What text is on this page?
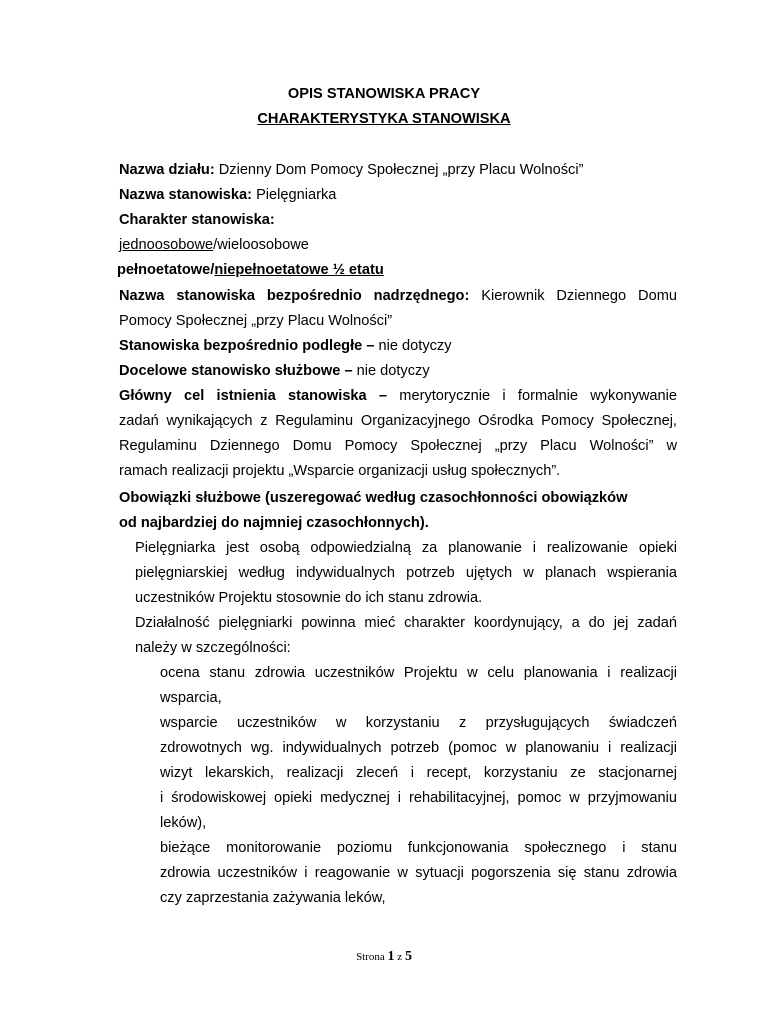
OPIS STANOWISKA PRACY
CHARAKTERYSTYKA STANOWISKA
Nazwa działu: Dzienny Dom Pomocy Społecznej „przy Placu Wolności”
Nazwa stanowiska: Pielęgniarka
Charakter stanowiska:
jednoosobowe/wieloosobowe
pełnoetatowe/niepełnoetatowe ½ etatu
Nazwa stanowiska bezpośrednio nadrzędnego: Kierownik Dziennego Domu
Pomocy Społecznej „przy Placu Wolności”
Stanowiska bezpośrednio podległe – nie dotyczy
Docelowe stanowisko służbowe – nie dotyczy
Główny cel istnienia stanowiska – merytorycznie i formalnie wykonywanie
zadań wynikających z Regulaminu Organizacyjnego Ośrodka Pomocy Społecznej,
Regulaminu Dziennego Domu Pomocy Społecznej „przy Placu Wolności” w
ramach realizacji projektu „Wsparcie organizacji usług społecznych”.
Obowiązki służbowe (uszeregować według czasochłonności obowiązków
od najbardziej do najmniej czasochłonnych).
Pielęgniarka jest osobą odpowiedzialną za planowanie i realizowanie opieki
pielęgniarskiej według indywidualnych potrzeb ujętych w planach wspierania
uczestników Projektu stosownie do ich stanu zdrowia.
Działalność pielęgniarki powinna mieć charakter koordynujący, a do jej zadań
należy w szczególności:
ocena stanu zdrowia uczestników Projektu w celu planowania i realizacji
wsparcia,
wsparcie uczestników w korzystaniu z przysługujących świadczeń
zdrowotnych wg. indywidualnych potrzeb (pomoc w planowaniu i realizacji
wizyt lekarskich, realizacji zleceń i recept, korzystaniu ze stacjonarnej
i środowiskowej opieki medycznej i rehabilitacyjnej, pomoc w przyjmowaniu
leków),
bieżące monitorowanie poziomu funkcjonowania społecznego i stanu
zdrowia uczestników i reagowanie w sytuacji pogorszenia się stanu zdrowia
czy zaprzestania zażywania leków,
Strona 1 z 5
